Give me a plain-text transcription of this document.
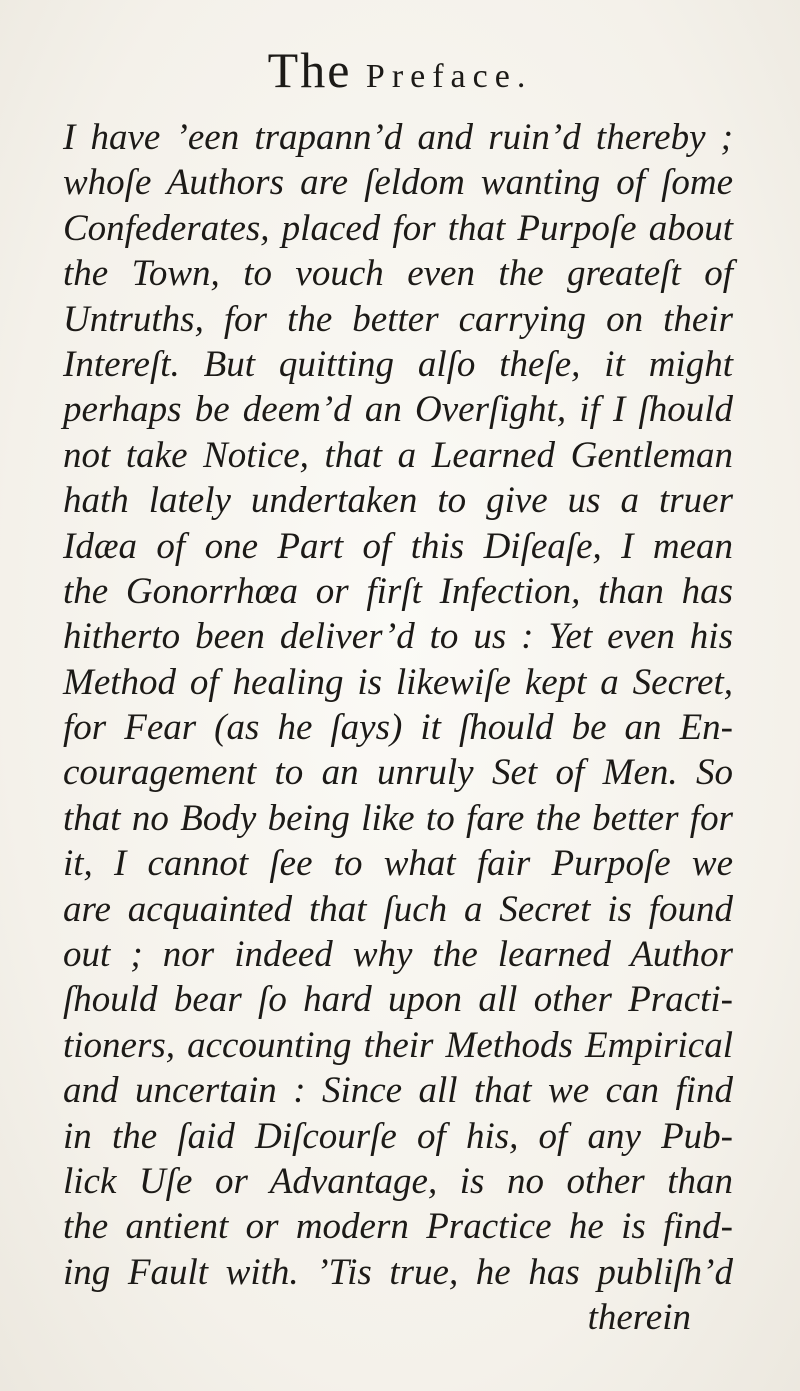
The Preface.
I have ’een trapann’d and ruin’d thereby ;
whoſe Authors are ſeldom wanting of ſome
Confederates, placed for that Purpoſe about
the Town, to vouch even the greateſt of
Untruths, for the better carrying on their
Intereſt. But quitting alſo theſe, it might
perhaps be deem’d an Overſight, if I ſhould
not take Notice, that a Learned Gentleman
hath lately undertaken to give us a truer
Idæa of one Part of this Diſeaſe, I mean
the Gonorrhœa or firſt Infection, than has
hitherto been deliver’d to us : Yet even his
Method of healing is likewiſe kept a Secret,
for Fear (as he ſays) it ſhould be an En-
couragement to an unruly Set of Men. So
that no Body being like to fare the better for
it, I cannot ſee to what fair Purpoſe we
are acquainted that ſuch a Secret is found
out ; nor indeed why the learned Author
ſhould bear ſo hard upon all other Practi-
tioners, accounting their Methods Empirical
and uncertain : Since all that we can find
in the ſaid Diſcourſe of his, of any Pub-
lick Uſe or Advantage, is no other than
the antient or modern Practice he is find-
ing Fault with. ’Tis true, he has publiſh’d
therein
